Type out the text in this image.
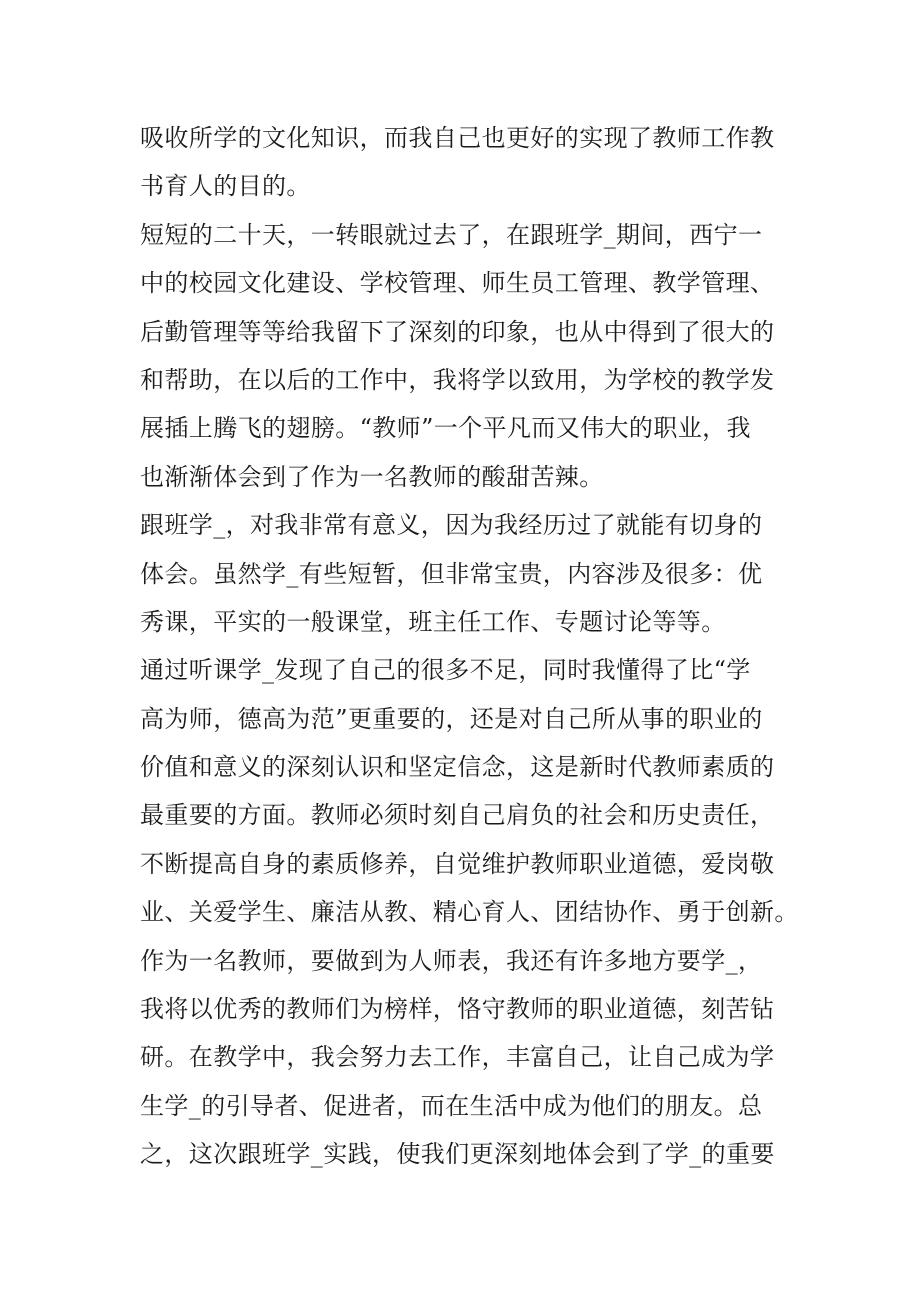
吸收所学的文化知识，而我自己也更好的实现了教师工作教
书育人的目的。
短短的二十天，一转眼就过去了，在跟班学_期间，西宁一
中的校园文化建设、学校管理、师生员工管理、教学管理、
后勤管理等等给我留下了深刻的印象，也从中得到了很大的
和帮助，在以后的工作中，我将学以致用，为学校的教学发
展插上腾飞的翅膀。“教师”一个平凡而又伟大的职业，我
也渐渐体会到了作为一名教师的酸甜苦辣。
跟班学_，对我非常有意义，因为我经历过了就能有切身的
体会。虽然学_有些短暂，但非常宝贵，内容涉及很多：优
秀课，平实的一般课堂，班主任工作、专题讨论等等。
通过听课学_发现了自己的很多不足，同时我懂得了比“学
高为师，德高为范”更重要的，还是对自己所从事的职业的
价值和意义的深刻认识和坚定信念，这是新时代教师素质的
最重要的方面。教师必须时刻自己肩负的社会和历史责任，
不断提高自身的素质修养，自觉维护教师职业道德，爱岗敬
业、关爱学生、廉洁从教、精心育人、团结协作、勇于创新。
作为一名教师，要做到为人师表，我还有许多地方要学_，
我将以优秀的教师们为榜样，恪守教师的职业道德，刻苦钻
研。在教学中，我会努力去工作，丰富自己，让自己成为学
生学_的引导者、促进者，而在生活中成为他们的朋友。总
之，这次跟班学_实践，使我们更深刻地体会到了学_的重要
